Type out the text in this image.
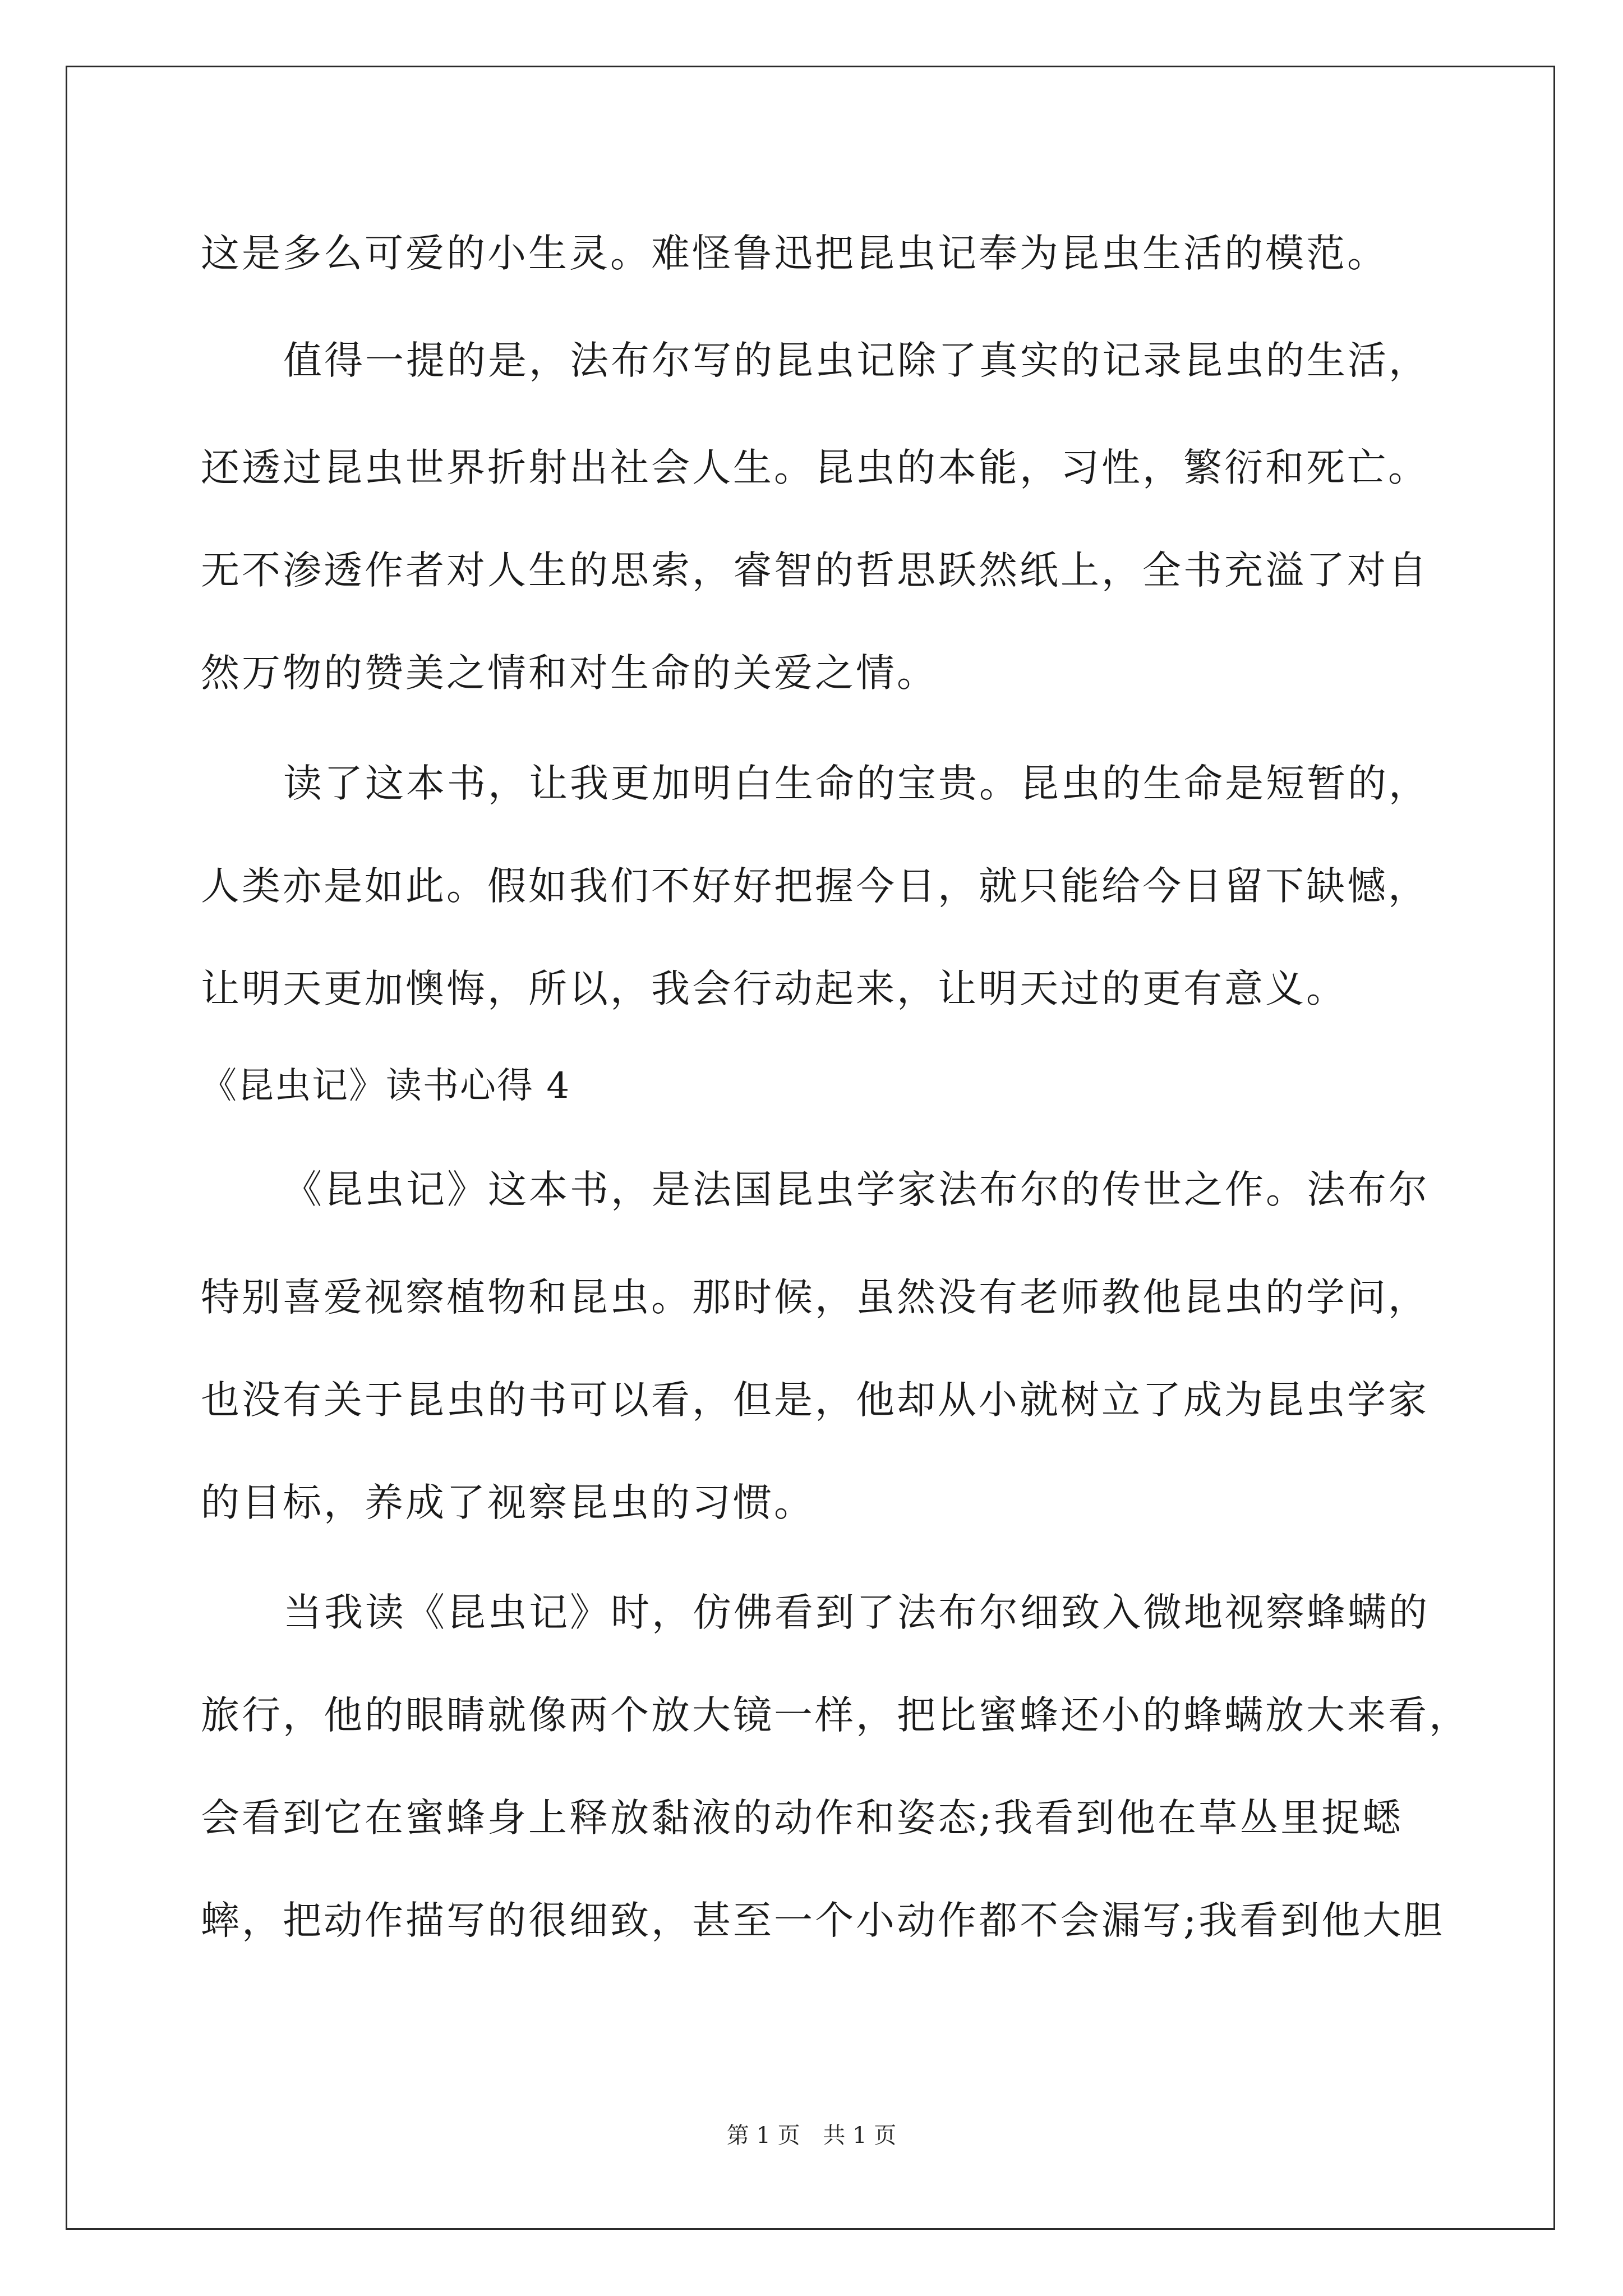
这是多么可爱的小生灵。难怪鲁迅把昆虫记奉为昆虫生活的模范。
值得一提的是，法布尔写的昆虫记除了真实的记录昆虫的生活，
还透过昆虫世界折射出社会人生。昆虫的本能，习性，繁衍和死亡。
无不渗透作者对人生的思索，睿智的哲思跃然纸上，全书充溢了对自
然万物的赞美之情和对生命的关爱之情。
读了这本书，让我更加明白生命的宝贵。昆虫的生命是短暂的，
人类亦是如此。假如我们不好好把握今日，就只能给今日留下缺憾，
让明天更加懊悔，所以，我会行动起来，让明天过的更有意义。
《昆虫记》读书心得 4
《昆虫记》这本书，是法国昆虫学家法布尔的传世之作。法布尔
特别喜爱视察植物和昆虫。那时候，虽然没有老师教他昆虫的学问，
也没有关于昆虫的书可以看，但是，他却从小就树立了成为昆虫学家
的目标，养成了视察昆虫的习惯。
当我读《昆虫记》时，仿佛看到了法布尔细致入微地视察蜂螨的
旅行，他的眼睛就像两个放大镜一样，把比蜜蜂还小的蜂螨放大来看，
会看到它在蜜蜂身上释放黏液的动作和姿态;我看到他在草丛里捉蟋
蟀，把动作描写的很细致，甚至一个小动作都不会漏写;我看到他大胆
第 1 页 共 1 页
